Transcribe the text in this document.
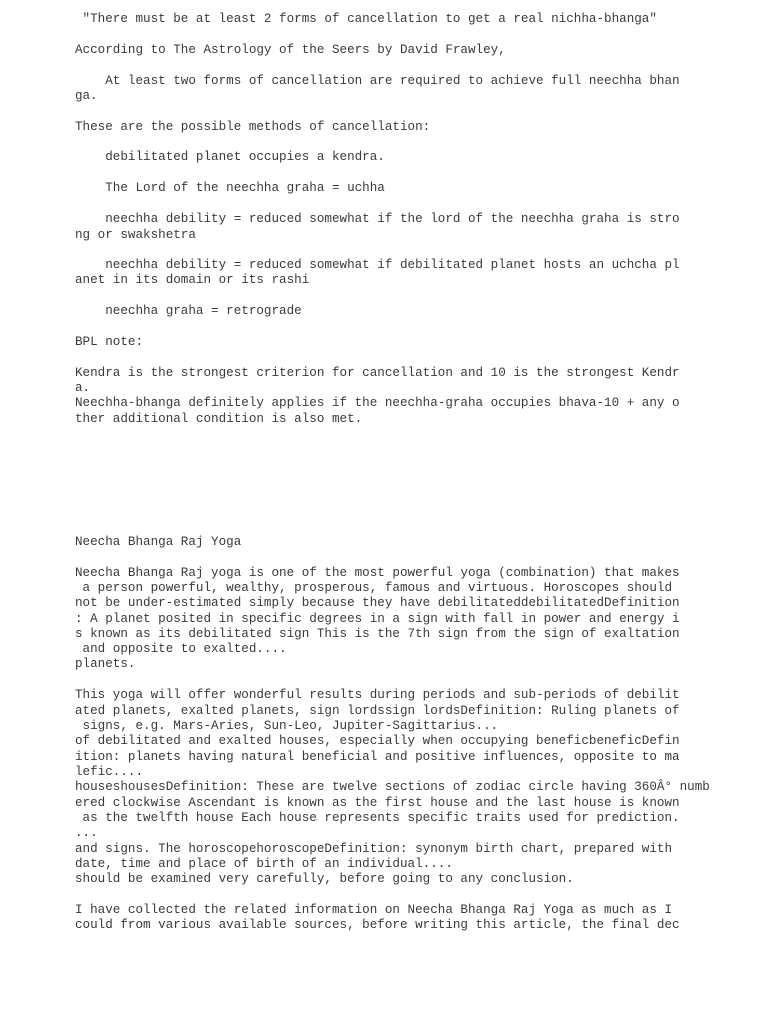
"There must be at least 2 forms of cancellation to get a real nichha-bhanga"

According to The Astrology of the Seers by David Frawley,

At least two forms of cancellation are required to achieve full neechha bhan

ga.

These are the possible methods of cancellation:

debilitated planet occupies a kendra.

The Lord of the neechha graha = uchha

neechha debility = reduced somewhat if the lord of the neechha graha is stro

ng or swakshetra

neechha debility = reduced somewhat if debilitated planet hosts an uchcha pl

anet in its domain or its rashi

neechha graha = retrograde

BPL note:

Kendra is the strongest criterion for cancellation and 10 is the strongest Kendr

a.

Neechha-bhanga definitely applies if the neechha-graha occupies bhava-10 + any o

ther additional condition is also met.

Neecha Bhanga Raj Yoga

Neecha Bhanga Raj yoga is one of the most powerful yoga (combination) that makes

a person powerful, wealthy, prosperous, famous and virtuous. Horoscopes should

not be under-estimated simply because they have debilitateddebilitatedDefinition

: A planet posited in specific degrees in a sign with fall in power and energy i

s known as its debilitated sign This is the 7th sign from the sign of exaltation

and opposite to exalted....

planets.

This yoga will offer wonderful results during periods and sub-periods of debilit

ated planets, exalted planets, sign lordssign lordsDefinition: Ruling planets of

signs, e.g. Mars-Aries, Sun-Leo, Jupiter-Sagittarius...

of debilitated and exalted houses, especially when occupying beneficbeneficDefin

ition: planets having natural beneficial and positive influences, opposite to ma

lefic....

houseshousesDefinition: These are twelve sections of zodiac circle having 360Â° numb

ered clockwise Ascendant is known as the first house and the last house is known

as the twelfth house Each house represents specific traits used for prediction.

...

and signs. The horoscopehoroscopeDefinition: synonym birth chart, prepared with

date, time and place of birth of an individual....

should be examined very carefully, before going to any conclusion.

I have collected the related information on Neecha Bhanga Raj Yoga as much as I

could from various available sources, before writing this article, the final dec
